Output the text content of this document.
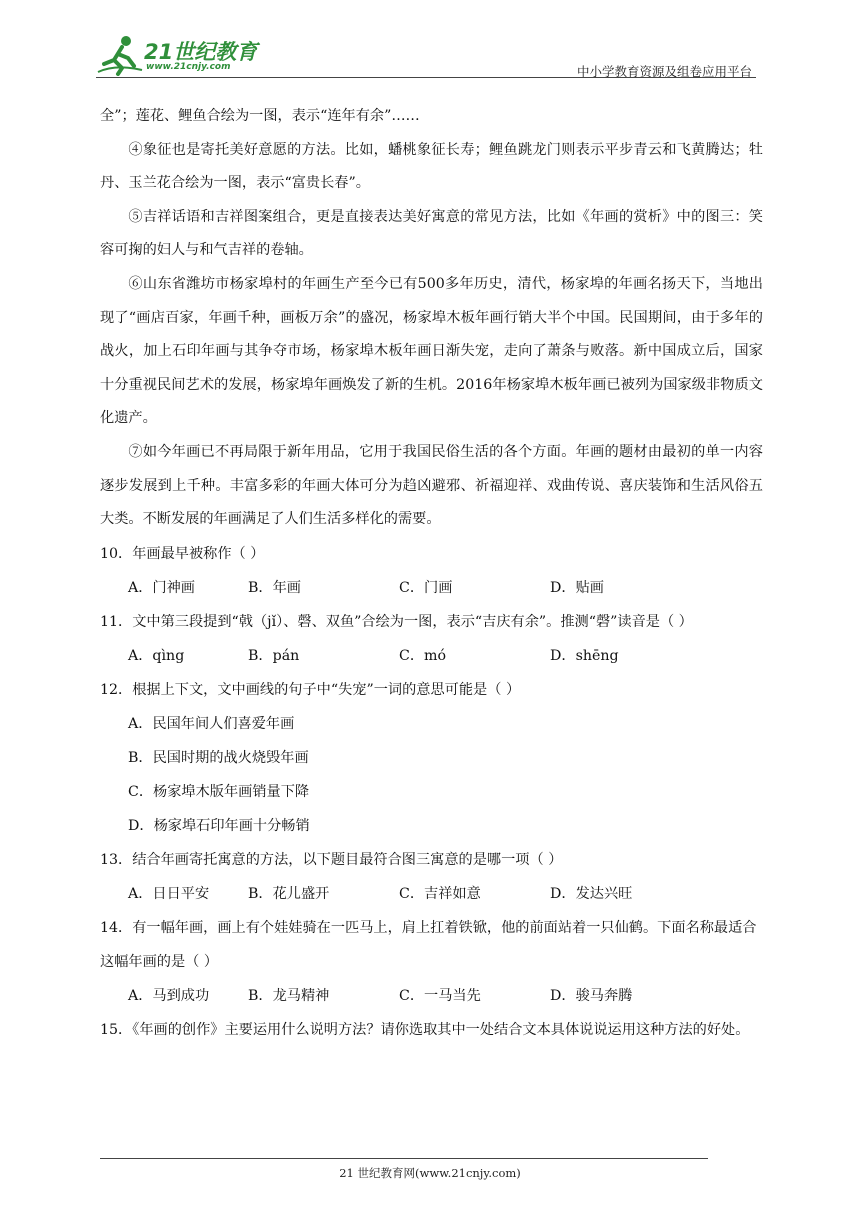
21世纪教育
www.21cnjy.com	中小学教育资源及组卷应用平台

全”；莲花、鲤鱼合绘为一图，表示“连年有余”……

④象征也是寄托美好意愿的方法。比如，蟠桃象征长寿；鲤鱼跳龙门则表示平步青云和飞黄腾达；牡丹、玉兰花合绘为一图，表示“富贵长春”。

⑤吉祥话语和吉祥图案组合，更是直接表达美好寓意的常见方法，比如《年画的赏析》中的图三：笑容可掬的妇人与和气吉祥的卷轴。

⑥山东省潍坊市杨家埠村的年画生产至今已有500多年历史，清代，杨家埠的年画名扬天下，当地出现了“画店百家，年画千种，画板万余”的盛况，杨家埠木板年画行销大半个中国。民国期间，由于多年的战火，加上石印年画与其争夺市场，杨家埠木板年画日渐失宠，走向了萧条与败落。新中国成立后，国家十分重视民间艺术的发展，杨家埠年画焕发了新的生机。2016年杨家埠木板年画已被列为国家级非物质文化遗产。

⑦如今年画已不再局限于新年用品，它用于我国民俗生活的各个方面。年画的题材由最初的单一内容逐步发展到上千种。丰富多彩的年画大体可分为趋凶避邪、祈福迎祥、戏曲传说、喜庆装饰和生活风俗五大类。不断发展的年画满足了人们生活多样化的需要。

10．年画最早被称作（ ）

A．门神画	B．年画	C．门画	D．贴画

11．文中第三段提到“戟（jǐ）、磬、双鱼”合绘为一图，表示“吉庆有余”。推测“磬”读音是（ ）

A．qìng	B．pán	C．mó	D．shēng

12．根据上下文，文中画线的句子中“失宠”一词的意思可能是（ ）

A．民国年间人们喜爱年画

B．民国时期的战火烧毁年画

C．杨家埠木版年画销量下降

D．杨家埠石印年画十分畅销

13．结合年画寄托寓意的方法，以下题目最符合图三寓意的是哪一项（ ）

A．日日平安	B．花儿盛开	C．吉祥如意	D．发达兴旺

14．有一幅年画，画上有个娃娃骑在一匹马上，肩上扛着铁锨，他的前面站着一只仙鹤。下面名称最适合这幅年画的是（ ）

A．马到成功	B．龙马精神	C．一马当先	D．骏马奔腾

15．《年画的创作》主要运用什么说明方法？请你选取其中一处结合文本具体说说运用这种方法的好处。

21 世纪教育网(www.21cnjy.com)
